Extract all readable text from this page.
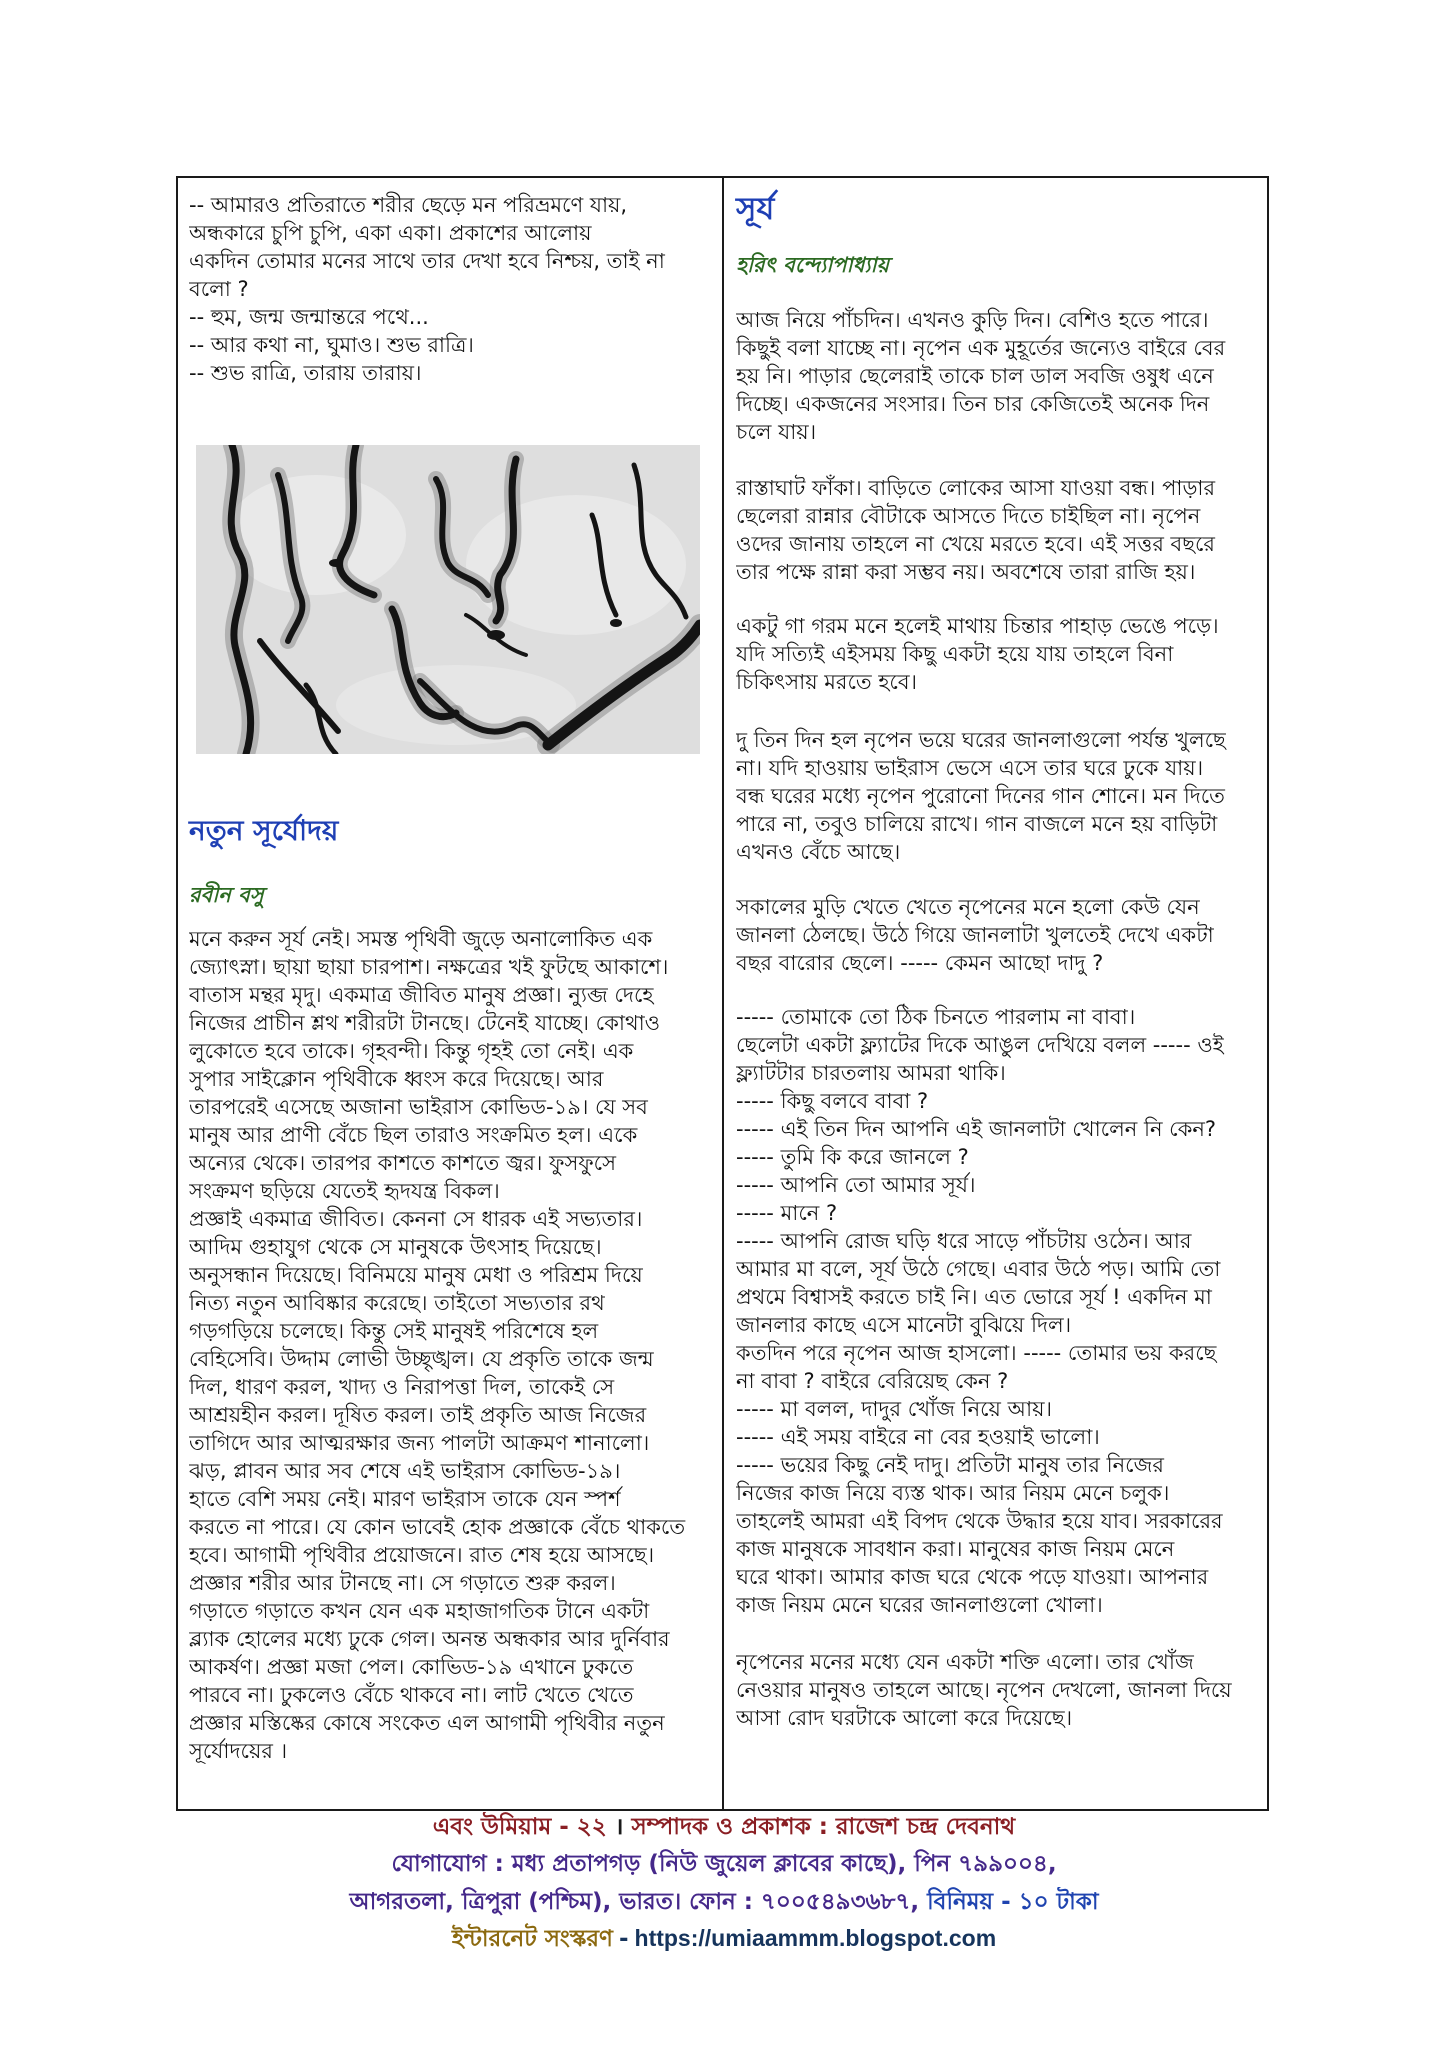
-- আমারও প্রতিরাতে শরীর ছেড়ে মন পরিভ্রমণে যায়,
অন্ধকারে চুপি চুপি, একা একা। প্রকাশের আলোয়
একদিন তোমার মনের সাথে তার দেখা হবে নিশ্চয়, তাই না
বলো ?
-- হুম, জন্ম জন্মান্তরে পথে...
-- আর কথা না, ঘুমাও। শুভ রাত্রি।
-- শুভ রাত্রি, তারায় তারায়।
নতুন সূর্যোদয়
রবীন বসু
মনে করুন সূর্য নেই। সমস্ত পৃথিবী জুড়ে অনালোকিত এক
জ্যোৎস্না। ছায়া ছায়া চারপাশ। নক্ষত্রের খই ফুটছে আকাশে।
বাতাস মন্থর মৃদু। একমাত্র জীবিত মানুষ প্রজ্ঞা। ন্যুব্জ দেহে
নিজের প্রাচীন শ্লথ শরীরটা টানছে। টেনেই যাচ্ছে। কোথাও
লুকোতে হবে তাকে। গৃহবন্দী। কিন্তু গৃহই তো নেই। এক
সুপার সাইক্লোন পৃথিবীকে ধ্বংস করে দিয়েছে। আর
তারপরেই এসেছে অজানা ভাইরাস কোভিড-১৯। যে সব
মানুষ আর প্রাণী বেঁচে ছিল তারাও সংক্রমিত হল। একে
অন্যের থেকে। তারপর কাশতে কাশতে জ্বর। ফুসফুসে
সংক্রমণ ছড়িয়ে যেতেই হৃদযন্ত্র বিকল।
প্রজ্ঞাই একমাত্র জীবিত। কেননা সে ধারক এই সভ্যতার।
আদিম গুহাযুগ থেকে সে মানুষকে উৎসাহ দিয়েছে।
অনুসন্ধান দিয়েছে। বিনিময়ে মানুষ মেধা ও পরিশ্রম দিয়ে
নিত্য নতুন আবিষ্কার করেছে। তাইতো সভ্যতার রথ
গড়গড়িয়ে চলেছে। কিন্তু সেই মানুষই পরিশেষে হল
বেহিসেবি। উদ্দাম লোভী উচ্ছৃঙ্খল। যে প্রকৃতি তাকে জন্ম
দিল, ধারণ করল, খাদ্য ও নিরাপত্তা দিল, তাকেই সে
আশ্রয়হীন করল। দূষিত করল। তাই প্রকৃতি আজ নিজের
তাগিদে আর আত্মরক্ষার জন্য পালটা আক্রমণ শানালো।
ঝড়, প্লাবন আর সব শেষে এই ভাইরাস কোভিড-১৯।
হাতে বেশি সময় নেই। মারণ ভাইরাস তাকে যেন স্পর্শ
করতে না পারে। যে কোন ভাবেই হোক প্রজ্ঞাকে বেঁচে থাকতে
হবে। আগামী পৃথিবীর প্রয়োজনে। রাত শেষ হয়ে আসছে।
প্রজ্ঞার শরীর আর টানছে না। সে গড়াতে শুরু করল।
গড়াতে গড়াতে কখন যেন এক মহাজাগতিক টানে একটা
ব্ল্যাক হোলের মধ্যে ঢুকে গেল। অনন্ত অন্ধকার আর দুর্নিবার
আকর্ষণ। প্রজ্ঞা মজা পেল। কোভিড-১৯ এখানে ঢুকতে
পারবে না। ঢুকলেও বেঁচে থাকবে না। লাট খেতে খেতে
প্রজ্ঞার মস্তিষ্কের কোষে সংকেত এল আগামী পৃথিবীর নতুন
সূর্যোদয়ের ।
সূর্য
হরিৎ বন্দ্যোপাধ্যায়
আজ নিয়ে পাঁচদিন। এখনও কুড়ি দিন। বেশিও হতে পারে।
কিছুই বলা যাচ্ছে না। নৃপেন এক মুহূর্তের জন্যেও বাইরে বের
হয় নি। পাড়ার ছেলেরাই তাকে চাল ডাল সবজি ওষুধ এনে
দিচ্ছে। একজনের সংসার। তিন চার কেজিতেই অনেক দিন
চলে যায়।
রাস্তাঘাট ফাঁকা। বাড়িতে লোকের আসা যাওয়া বন্ধ। পাড়ার
ছেলেরা রান্নার বৌটাকে আসতে দিতে চাইছিল না। নৃপেন
ওদের জানায় তাহলে না খেয়ে মরতে হবে। এই সত্তর বছরে
তার পক্ষে রান্না করা সম্ভব নয়। অবশেষে তারা রাজি হয়।
একটু গা গরম মনে হলেই মাথায় চিন্তার পাহাড় ভেঙে পড়ে।
যদি সত্যিই এইসময় কিছু একটা হয়ে যায় তাহলে বিনা
চিকিৎসায় মরতে হবে।
দু তিন দিন হল নৃপেন ভয়ে ঘরের জানলাগুলো পর্যন্ত খুলছে
না। যদি হাওয়ায় ভাইরাস ভেসে এসে তার ঘরে ঢুকে যায়।
বন্ধ ঘরের মধ্যে নৃপেন পুরোনো দিনের গান শোনে। মন দিতে
পারে না, তবুও চালিয়ে রাখে। গান বাজলে মনে হয় বাড়িটা
এখনও বেঁচে আছে।
সকালের মুড়ি খেতে খেতে নৃপেনের মনে হলো কেউ যেন
জানলা ঠেলছে। উঠে গিয়ে জানলাটা খুলতেই দেখে একটা
বছর বারোর ছেলে। ----- কেমন আছো দাদু ?
----- তোমাকে তো ঠিক চিনতে পারলাম না বাবা।
ছেলেটা একটা ফ্ল্যাটের দিকে আঙুল দেখিয়ে বলল ----- ওই
ফ্ল্যাটটার চারতলায় আমরা থাকি।
----- কিছু বলবে বাবা ?
----- এই তিন দিন আপনি এই জানলাটা খোলেন নি কেন?
----- তুমি কি করে জানলে ?
----- আপনি তো আমার সূর্য।
----- মানে ?
----- আপনি রোজ ঘড়ি ধরে সাড়ে পাঁচটায় ওঠেন। আর
আমার মা বলে, সূর্য উঠে গেছে। এবার উঠে পড়। আমি তো
প্রথমে বিশ্বাসই করতে চাই নি। এত ভোরে সূর্য ! একদিন মা
জানলার কাছে এসে মানেটা বুঝিয়ে দিল।
কতদিন পরে নৃপেন আজ হাসলো। ----- তোমার ভয় করছে
না বাবা ? বাইরে বেরিয়েছ কেন ?
----- মা বলল, দাদুর খোঁজ নিয়ে আয়।
----- এই সময় বাইরে না বের হওয়াই ভালো।
----- ভয়ের কিছু নেই দাদু। প্রতিটা মানুষ তার নিজের
নিজের কাজ নিয়ে ব্যস্ত থাক। আর নিয়ম মেনে চলুক।
তাহলেই আমরা এই বিপদ থেকে উদ্ধার হয়ে যাব। সরকারের
কাজ মানুষকে সাবধান করা। মানুষের কাজ নিয়ম মেনে
ঘরে থাকা। আমার কাজ ঘরে থেকে পড়ে যাওয়া। আপনার
কাজ নিয়ম মেনে ঘরের জানলাগুলো খোলা।
নৃপেনের মনের মধ্যে যেন একটা শক্তি এলো। তার খোঁজ
নেওয়ার মানুষও তাহলে আছে। নৃপেন দেখলো, জানলা দিয়ে
আসা রোদ ঘরটাকে আলো করে দিয়েছে।
এবং উমিয়াম - ২২ । সম্পাদক ও প্রকাশক : রাজেশ চন্দ্র দেবনাথ
যোগাযোগ : মধ্য প্রতাপগড় (নিউ জুয়েল ক্লাবের কাছে), পিন ৭৯৯০০৪,
আগরতলা, ত্রিপুরা (পশ্চিম), ভারত। ফোন : ৭০০৫৪৯৩৬৮৭, বিনিময় - ১০ টাকা
ইন্টারনেট সংস্করণ - https://umiaammm.blogspot.com
